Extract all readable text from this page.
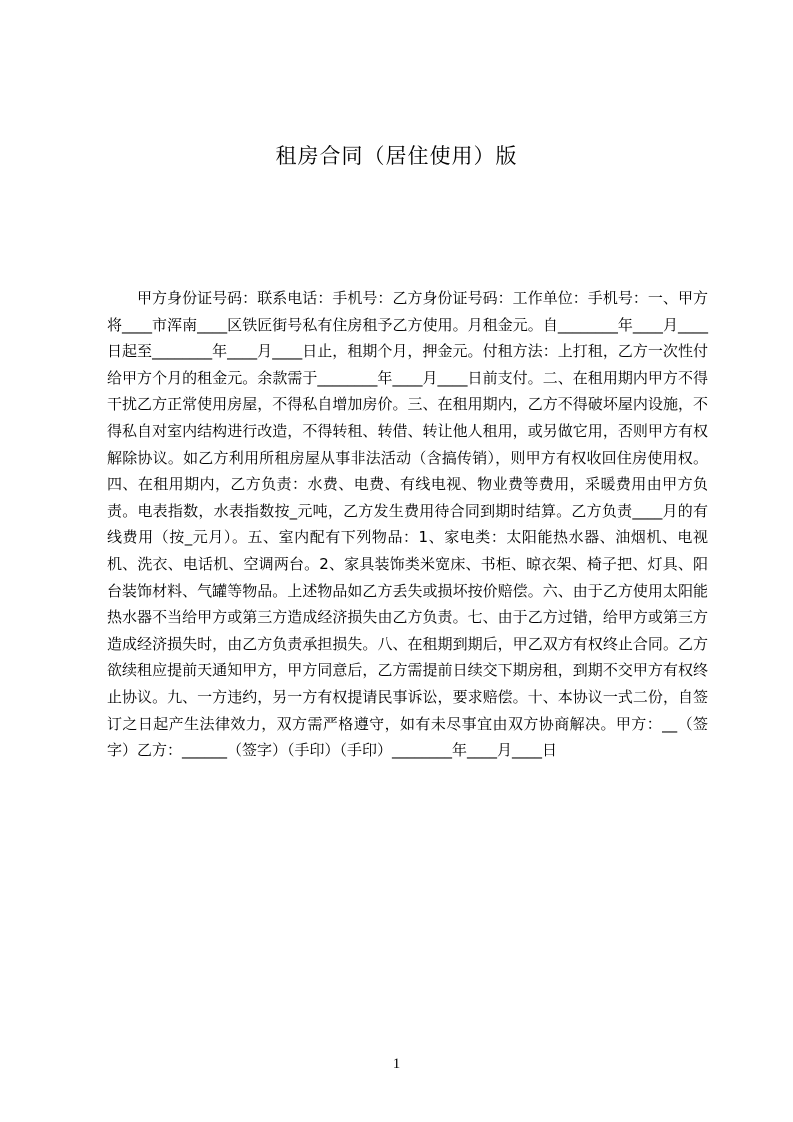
租房合同（居住使用）版

甲方身份证号码：联系电话：手机号：乙方身份证号码：工作单位：手机号：一、甲方将____市浑南____区铁匠街号私有住房租予乙方使用。月租金元。自________年____月____日起至________年____月____日止，租期个月，押金元。付租方法：上打租，乙方一次性付给甲方个月的租金元。余款需于________年____月____日前支付。二、在租用期内甲方不得干扰乙方正常使用房屋，不得私自增加房价。三、在租用期内，乙方不得破坏屋内设施，不得私自对室内结构进行改造，不得转租、转借、转让他人租用，或另做它用，否则甲方有权解除协议。如乙方利用所租房屋从事非法活动（含搞传销），则甲方有权收回住房使用权。四、在租用期内，乙方负责：水费、电费、有线电视、物业费等费用，采暖费用由甲方负责。电表指数，水表指数按_元吨，乙方发生费用待合同到期时结算。乙方负责____月的有线费用（按_元月）。五、室内配有下列物品：1、家电类：太阳能热水器、油烟机、电视机、洗衣、电话机、空调两台。2、家具装饰类米宽床、书柜、晾衣架、椅子把、灯具、阳台装饰材料、气罐等物品。上述物品如乙方丢失或损坏按价赔偿。六、由于乙方使用太阳能热水器不当给甲方或第三方造成经济损失由乙方负责。七、由于乙方过错，给甲方或第三方造成经济损失时，由乙方负责承担损失。八、在租期到期后，甲乙双方有权终止合同。乙方欲续租应提前天通知甲方，甲方同意后，乙方需提前日续交下期房租，到期不交甲方有权终止协议。九、一方违约，另一方有权提请民事诉讼，要求赔偿。十、本协议一式二份，自签订之日起产生法律效力，双方需严格遵守，如有未尽事宜由双方协商解决。甲方：__（签字）乙方：______（签字）（手印）（手印）________年____月____日

1
